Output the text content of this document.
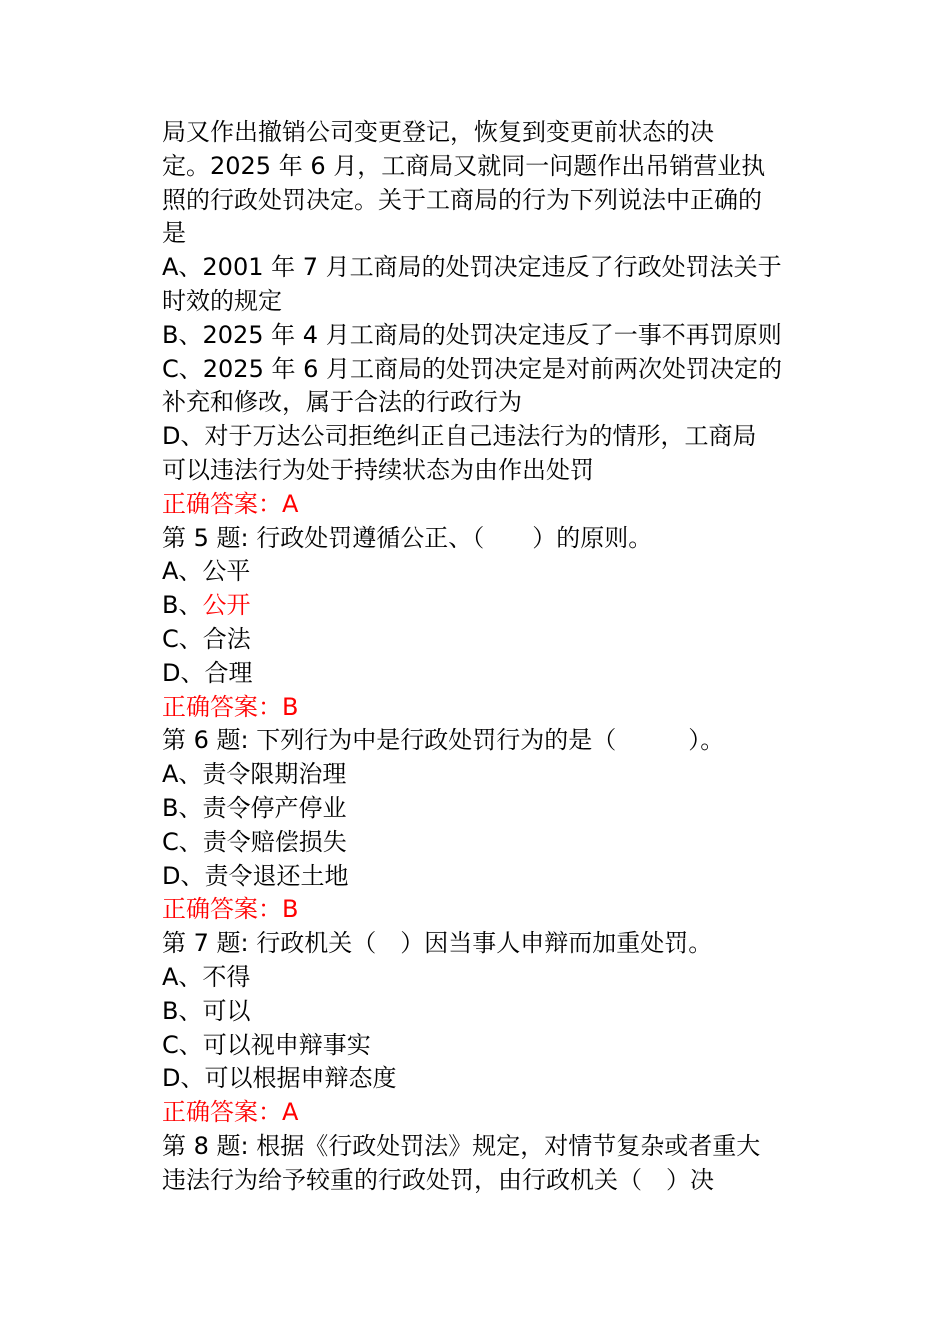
局又作出撤销公司变更登记，恢复到变更前状态的决
定。2025 年 6 月，工商局又就同一问题作出吊销营业执
照的行政处罚决定。关于工商局的行为下列说法中正确的
是
A、2001 年 7 月工商局的处罚决定违反了行政处罚法关于
时效的规定
B、2025 年 4 月工商局的处罚决定违反了一事不再罚原则
C、2025 年 6 月工商局的处罚决定是对前两次处罚决定的
补充和修改，属于合法的行政行为
D、对于万达公司拒绝纠正自己违法行为的情形，工商局
可以违法行为处于持续状态为由作出处罚
正确答案：A
第 5 题: 行政处罚遵循公正、（　　）的原则。
A、公平
B、公开
C、合法
D、合理
正确答案：B
第 6 题: 下列行为中是行政处罚行为的是（　　　）。
A、责令限期治理
B、责令停产停业
C、责令赔偿损失
D、责令退还土地
正确答案：B
第 7 题: 行政机关（　）因当事人申辩而加重处罚。
A、不得
B、可以
C、可以视申辩事实
D、可以根据申辩态度
正确答案：A
第 8 题: 根据《行政处罚法》规定，对情节复杂或者重大
违法行为给予较重的行政处罚，由行政机关（　）决
